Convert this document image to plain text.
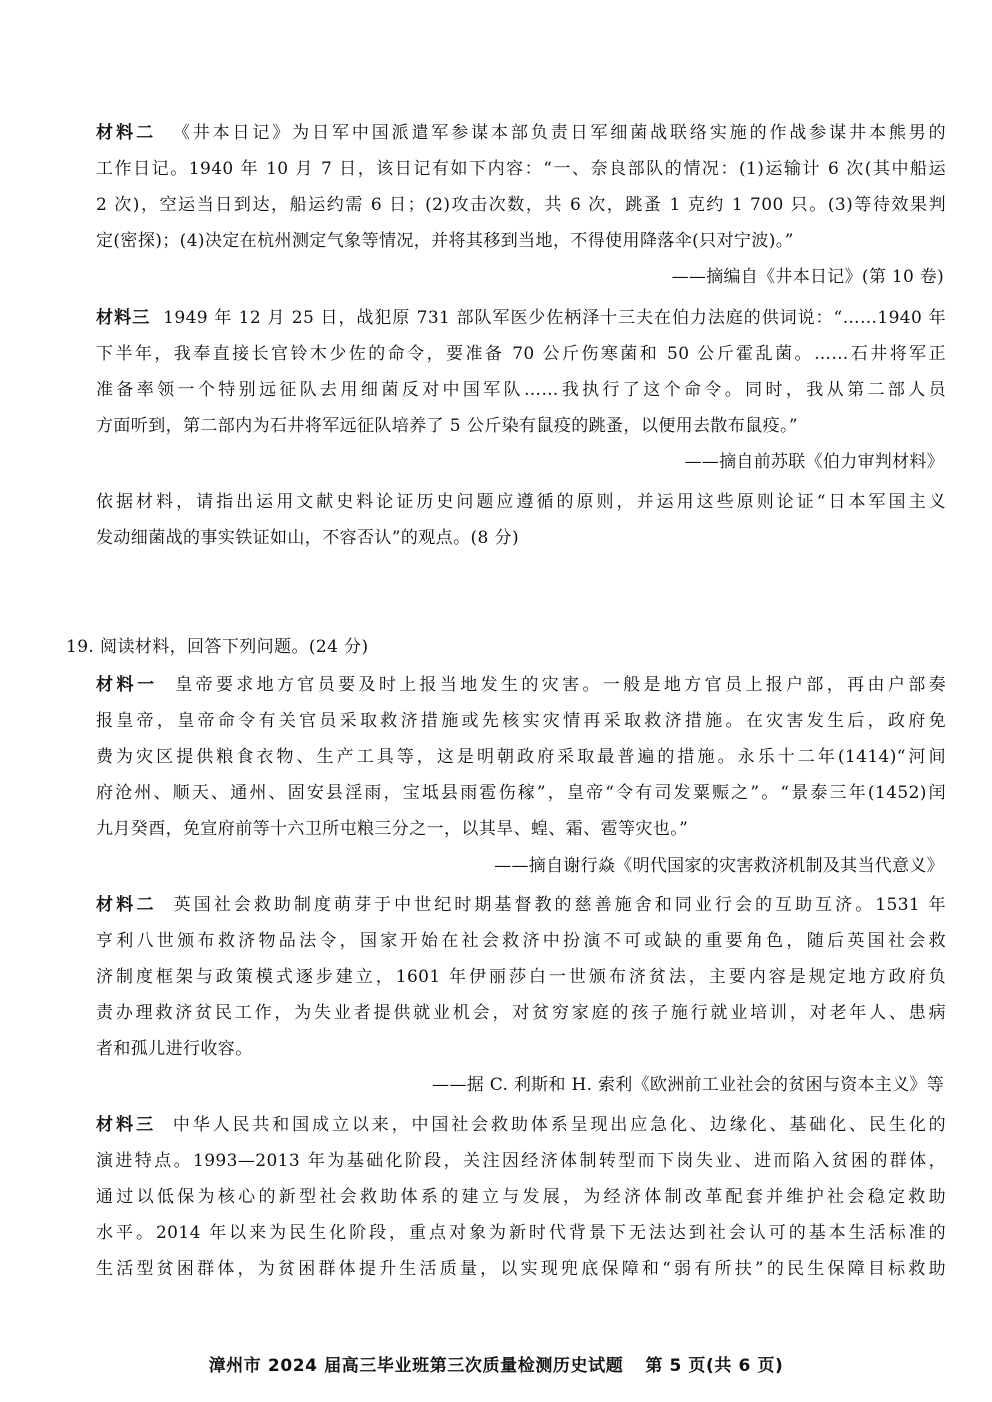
材料二 《井本日记》为日军中国派遣军参谋本部负责日军细菌战联络实施的作战参谋井本熊男的
工作日记。1940 年 10 月 7 日，该日记有如下内容：“一、奈良部队的情况：(1)运输计 6 次(其中船运
2 次)，空运当日到达，船运约需 6 日；(2)攻击次数，共 6 次，跳蚤 1 克约 1 700 只。(3)等待效果判
定(密探)；(4)决定在杭州测定气象等情况，并将其移到当地，不得使用降落伞(只对宁波)。”
——摘编自《井本日记》(第 10 卷)
材料三 1949 年 12 月 25 日，战犯原 731 部队军医少佐柄泽十三夫在伯力法庭的供词说：“……1940 年
下半年，我奉直接长官铃木少佐的命令，要准备 70 公斤伤寒菌和 50 公斤霍乱菌。……石井将军正
准备率领一个特别远征队去用细菌反对中国军队……我执行了这个命令。同时，我从第二部人员
方面听到，第二部内为石井将军远征队培养了 5 公斤染有鼠疫的跳蚤，以便用去散布鼠疫。”
——摘自前苏联《伯力审判材料》
依据材料，请指出运用文献史料论证历史问题应遵循的原则，并运用这些原则论证“日本军国主义
发动细菌战的事实铁证如山，不容否认”的观点。(8 分)
19. 阅读材料，回答下列问题。(24 分)
材料一 皇帝要求地方官员要及时上报当地发生的灾害。一般是地方官员上报户部，再由户部奏
报皇帝，皇帝命令有关官员采取救济措施或先核实灾情再采取救济措施。在灾害发生后，政府免
费为灾区提供粮食衣物、生产工具等，这是明朝政府采取最普遍的措施。永乐十二年(1414)“河间
府沧州、顺天、通州、固安县淫雨，宝坻县雨雹伤稼”，皇帝“令有司发粟赈之”。“景泰三年(1452)闰
九月癸酉，免宣府前等十六卫所屯粮三分之一，以其旱、蝗、霜、雹等灾也。”
——摘自谢行焱《明代国家的灾害救济机制及其当代意义》
材料二 英国社会救助制度萌芽于中世纪时期基督教的慈善施舍和同业行会的互助互济。1531 年
亨利八世颁布救济物品法令，国家开始在社会救济中扮演不可或缺的重要角色，随后英国社会救
济制度框架与政策模式逐步建立，1601 年伊丽莎白一世颁布济贫法，主要内容是规定地方政府负
责办理救济贫民工作，为失业者提供就业机会，对贫穷家庭的孩子施行就业培训，对老年人、患病
者和孤儿进行收容。
——据 C. 利斯和 H. 索利《欧洲前工业社会的贫困与资本主义》等
材料三 中华人民共和国成立以来，中国社会救助体系呈现出应急化、边缘化、基础化、民生化的
演进特点。1993—2013 年为基础化阶段，关注因经济体制转型而下岗失业、进而陷入贫困的群体，
通过以低保为核心的新型社会救助体系的建立与发展，为经济体制改革配套并维护社会稳定救助
水平。2014 年以来为民生化阶段，重点对象为新时代背景下无法达到社会认可的基本生活标准的
生活型贫困群体，为贫困群体提升生活质量，以实现兜底保障和“弱有所扶”的民生保障目标救助
漳州市 2024 届高三毕业班第三次质量检测历史试题 第 5 页(共 6 页)
